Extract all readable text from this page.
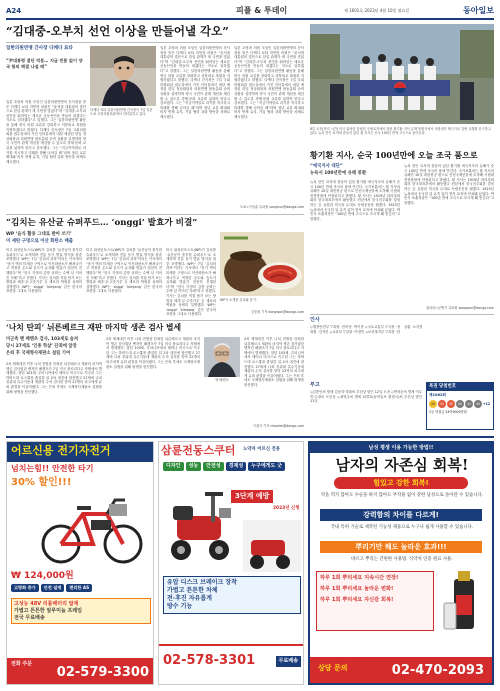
A24	피플 & 투데이	제 1601호 2023년 4월 10일 월요일	동아일보
“김대중-오부치 선언 이상을 만들어낼 각오”
일한의원연맹 간사장 다케다 료타
“尹대통령 결단 덕분… 지금 빈틈 없이 양국 합의 해결 나설 때”
일본 초당파 의원 모임인 일한의원연맹의 간사장을 맡은 다케다 료타 자민당 의원은 “윤석열 대통령의 결단으로 한일 관계가 새 국면을 맞았다”며 “김대중-오부치 선언을 뛰어넘는 새로운 공동선언을 만들어 내겠다는 각오로 임하겠다”고 말했다. 그는 일한의원연맹 활동을 통해 양국 의원 교류를 강화하고 셔틀외교 복원을 지원하겠다고 밝혔다. 다케다 간사장은 7일 국회의원회관 집무실에서 가진 인터뷰에서 내달 예정된 한일 정상회담과 의원연맹 합동총회 준비 상황을 설명하며 양국 국민이 관계 개선을 체감할 수 있도록 경제·문화 교류를 넓혀야 한다고 강조했다. 그는 “지금이야말로 과거를 직시하고 미래를 향해 나아갈 때”라며 청년 교류 확대와 비자 면제 유지, 기업 협력 강화 방안을 차례로 제시했다.
다케다 료타 일한의원연맹 간사장이 7일 일본 도쿄 국회의원회관에서 인터뷰하고 있다.
일본 초당파 의원 모임인 일한의원연맹의 간사장을 맡은 다케다 료타 자민당 의원은 “윤석열 대통령의 결단으로 한일 관계가 새 국면을 맞았다”며 “김대중-오부치 선언을 뛰어넘는 새로운 공동선언을 만들어 내겠다는 각오로 임하겠다”고 말했다. 그는 일한의원연맹 활동을 통해 양국 의원 교류를 강화하고 셔틀외교 복원을 지원하겠다고 밝혔다. 다케다 간사장은 7일 국회의원회관 집무실에서 가진 인터뷰에서 내달 예정된 한일 정상회담과 의원연맹 합동총회 준비 상황을 설명하며 양국 국민이 관계 개선을 체감할 수 있도록 경제·문화 교류를 넓혀야 한다고 강조했다. 그는 “지금이야말로 과거를 직시하고 미래를 향해 나아갈 때”라며 청년 교류 확대와 비자 면제 유지, 기업 협력 강화 방안을 차례로 제시했다.
일본 초당파 의원 모임인 일한의원연맹의 간사장을 맡은 다케다 료타 자민당 의원은 “윤석열 대통령의 결단으로 한일 관계가 새 국면을 맞았다”며 “김대중-오부치 선언을 뛰어넘는 새로운 공동선언을 만들어 내겠다는 각오로 임하겠다”고 말했다. 그는 일한의원연맹 활동을 통해 양국 의원 교류를 강화하고 셔틀외교 복원을 지원하겠다고 밝혔다. 다케다 간사장은 7일 국회의원회관 집무실에서 가진 인터뷰에서 내달 예정된 한일 정상회담과 의원연맹 합동총회 준비 상황을 설명하며 양국 국민이 관계 개선을 체감할 수 있도록 경제·문화 교류를 넓혀야 한다고 강조했다. 그는 “지금이야말로 과거를 직시하고 미래를 향해 나아갈 때”라며 청년 교류 확대와 비자 면제 유지, 기업 협력 강화 방안을 차례로 제시했다.
도쿄=이상훈 특파원 sanghun@donga.com
8일 오전(현지 시간) 미국 워싱턴 알링턴 국립묘지에서 열린 황기환 지사 유해 봉환식에서 의장대가 태극기로 감싼 유해를 운구하고 있다. 뉴욕 한인 묘지에 잠들어 있던 황 지사는 순국 100년 만에 고국으로 돌아온다.
황기환 지사, 순국 100년만에 오늘 조국 품으로
“애국지사 대단”
뉴욕서 100년만에 유해 봉환
뉴욕 한인 묘지에 잠들어 있던 황기환 애국지사의 유해가 순국 100년 만에 조국의 품에 안긴다. 국가보훈처는 황 지사의 유해가 10일 대한항공 편으로 인천국제공항에 도착해 국립대전현충원에 안장된다고 밝혔다. 황 지사는 1919년 파리강화회의 한국대표부에서 활동했고 런던에서 한국친우회를 결성하는 등 유럽과 미국을 무대로 독립운동을 펼쳤다. 1923년 뉴욕에서 순국한 뒤 유족 없이 현지 묘지에 안치돼 있었다. 박민식 보훈처장은 “100년 만에 고국으로 모시게 돼 뜻깊다”고 말했다.
뉴욕 한인 묘지에 잠들어 있던 황기환 애국지사의 유해가 순국 100년 만에 조국의 품에 안긴다. 국가보훈처는 황 지사의 유해가 10일 대한항공 편으로 인천국제공항에 도착해 국립대전현충원에 안장된다고 밝혔다. 황 지사는 1919년 파리강화회의 한국대표부에서 활동했고 런던에서 한국친우회를 결성하는 등 유럽과 미국을 무대로 독립운동을 펼쳤다. 1923년 뉴욕에서 순국한 뒤 유족 없이 현지 묘지에 안치돼 있었다. 박민식 보훈처장은 “100년 만에 고국으로 모시게 돼 뜻깊다”고 말했다.
워싱턴=문병기 특파원 weappon@donga.com
“김치는 유산균 슈퍼푸드… ‘onggi’ 발효가 비결”
WP ‘음식 활용 그대로 받아 쓰기’
미 세탄 구멍으로 이산 화탄소 배출
미국 워싱턴포스트(WP)가 김치를 ‘유산균이 풍부한 슈퍼푸드’로 소개하며 전통 옹기 발효 방식을 집중 조명했다. WP는 7일 ‘김치의 과학’이라는 기사에서 “옹기 벽의 미세한 구멍으로 이산화탄소가 빠져나가고 적정한 온도와 습도가 유지돼 발효가 천천히 진행된다”며 “한국 가정의 김장 문화는 수백 년 이어진 지혜”라고 전했다. 기사는 김치를 직접 담가 보는 방법과 배추·무·고춧가루 등 재료의 역할을 상세히 설명했다. WP는 ‘onggi’ ‘kimjang’ 같은 한국어 표현을 그대로 사용했다.
미국 워싱턴포스트(WP)가 김치를 ‘유산균이 풍부한 슈퍼푸드’로 소개하며 전통 옹기 발효 방식을 집중 조명했다. WP는 7일 ‘김치의 과학’이라는 기사에서 “옹기 벽의 미세한 구멍으로 이산화탄소가 빠져나가고 적정한 온도와 습도가 유지돼 발효가 천천히 진행된다”며 “한국 가정의 김장 문화는 수백 년 이어진 지혜”라고 전했다. 기사는 김치를 직접 담가 보는 방법과 배추·무·고춧가루 등 재료의 역할을 상세히 설명했다. WP는 ‘onggi’ ‘kimjang’ 같은 한국어 표현을 그대로 사용했다.
미국 워싱턴포스트(WP)가 김치를 ‘유산균이 풍부한 슈퍼푸드’로 소개하며 전통 옹기 발효 방식을 집중 조명했다. WP는 7일 ‘김치의 과학’이라는 기사에서 “옹기 벽의 미세한 구멍으로 이산화탄소가 빠져나가고 적정한 온도와 습도가 유지돼 발효가 천천히 진행된다”며 “한국 가정의 김장 문화는 수백 년 이어진 지혜”라고 전했다. 기사는 김치를 직접 담가 보는 방법과 배추·무·고춧가루 등 재료의 역할을 상세히 설명했다. WP는 ‘onggi’ ‘kimjang’ 같은 한국어 표현을 그대로 사용했다.
WP가 소개한 김치와 옹기.
김동원 기자 dongwon@donga.com
‘나치 탄피’ 뉘른베르크 재판 마지막 생존 검사 별세
미군측 벤 페렌츠 검사, 103세로 숨져
당시 27세로 ‘인종 학살’ 단죄에 앞장
은퇴 후 국제형사재판소 설립 기여
2차 세계대전 이후 나치 전범을 단죄한 뉘른베르크 재판의 마지막 생존 검사였던 벤저민 페렌츠가 7일 미국 플로리다주 자택에서 별세했다. 향년 103세. 루마니아에서 태어나 미국으로 이주한 그는 하버드대 로스쿨을 졸업한 뒤 2차 대전에 참전했고 27세에 나치 친위대 특수기동대 재판의 수석 검사를 맡아 22명의 피고에게 유죄 판결을 이끌어냈다. 그는 은퇴 후에도 국제형사재판소 설립을 위해 평생을 헌신했다.
2차 세계대전 이후 나치 전범을 단죄한 뉘른베르크 재판의 마지막 생존 검사였던 벤저민 페렌츠가 7일 미국 플로리다주 자택에서 별세했다. 향년 103세. 루마니아에서 태어나 미국으로 이주한 그는 하버드대 로스쿨을 졸업한 뒤 2차 대전에 참전했고 27세에 나치 친위대 특수기동대 재판의 수석 검사를 맡아 22명의 피고에게 유죄 판결을 이끌어냈다. 그는 은퇴 후에도 국제형사재판소 설립을 위해 평생을 헌신했다.
벤 페렌츠
2차 세계대전 이후 나치 전범을 단죄한 뉘른베르크 재판의 마지막 생존 검사였던 벤저민 페렌츠가 7일 미국 플로리다주 자택에서 별세했다. 향년 103세. 루마니아에서 태어나 미국으로 이주한 그는 하버드대 로스쿨을 졸업한 뒤 2차 대전에 참전했고 27세에 나치 친위대 특수기동대 재판의 수석 검사를 맡아 22명의 피고에게 유죄 판결을 이끌어냈다. 그는 은퇴 후에도 국제형사재판소 설립을 위해 평생을 헌신했다.
이청아 기자 clearlee@donga.com
인사
◇행정안전부 ▽과장 ·진미영 ·박기종 ◇국토교통부 ▽국장 ·정희원 ·김석민 ◇교육부 ▽실장 ·이정민 ◇보건복지부 ▽과장 ·한상훈 ·오지현
부고
◇김종인씨 별세 김동하·경화씨 부친상 발인 12일 오전 ◇박정순씨 별세 이수민·수정씨 모친상 ◇최영수씨 별세 최경호(동아일보 편집국)씨 부친상 발인 11일
복권 당첨번호
제1062회
20	31	32	40	41	45 +12
1등 당첨금 24억9000만원
어르신용 전기자전거
넘치는힘!! 안전한 타기
30% 할인!!!
₩ 124,000원
고령화 증가	안전 설계	편리한 AS
고성능 48V 리튬배터리 탑재
가볍고 튼튼한 알루미늄 프레임
전국 무료배송
전화 주문
02-579-3300
삼륜전동스쿠터 노약자 어르신 전용
디자인	성능	안전성	경제성	누구에게도 굿
3단계 예방
2023년 신형
유압 디스크 브레이크 장착
가볍고 튼튼한 차체
전·후진 자유롭게
방수 기능
02-578-3301	무료배송
남성 평생 이용 가능한 방법!!
남자의 자존심 회복!
힘있고 강한 회복!
약을 먹지 않아도 수술을 하지 않아도 부작용 없이 강한 남성으로 돌아갈 수 있습니다.
강력함의 차이를 다르게!
국내 특허 기술로 제작된 기능성 제품으로 누구나 쉽게 사용할 수 있습니다.
뿌리기만 해도 놀라운 효과!!!
바르고 뿌리는 간편한 사용법. 식약처 인증 원료 사용.
하루 1회 뿌리세요 지속시간 연장!
하루 1회 뿌리세요 놀라운 변화!
하루 1회 뿌리세요 자신감 회복!
상담 문의	02-470-2093
